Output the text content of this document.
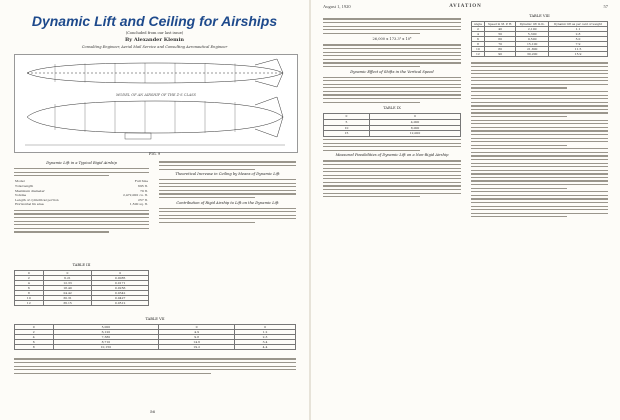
Dynamic Lift and Ceiling for Airships
(Concluded from our last issue)
By Alexander Klemin
Consulting Engineer, Aerial Mail Service and Consulting Aeronautical Engineer
MODEL OF AN AIRSHIP OF THE Z-S CLASS
FIG. 9
Dynamic Lift in a Typical Rigid Airship
Model	Full Size
Total length	695 ft.
Maximum diameter	79 ft.
Volume	2,472,000 cu. ft.
Length of cylindrical portion	257 ft.
Horizontal fin area	1,500 sq. ft.
Theoretical Increase in Ceiling by Means of Dynamic Lift
Contribution of Rigid Airship to Lift on the Dynamic Lift
TABLE III
0	0	0
2	6.21	0.0085
4	12.33	0.0171
6	18.40	0.0256
8	24.42	0.0342
10	30.31	0.0427
12	36.15	0.0512
TABLE VII
0	5,000	0	0
2	6,120	4.9	1.2
4	7,380	9.8	2.3
6	8,710	14.6	3.4
8	10,150	19.2	4.4
56
August 1, 1920	AVIATION	57
TABLE VIII
Angle	Speed in M. P. H.	Dynamic lift in lb.	Dynamic lift as per cent of weight
2	40	2,100	1.1
4	50	5,300	2.8
6	60	9,500	5.0
8	70	15,100	7.9
10	80	21,800	11.5
12	90	30,200	15.9
26,000 x 173.3² x 10⁴
Dynamic Effect of Shifts in the Vertical Speed
TABLE IX
0	0
5	4,000
10	8,000
15	12,000
Measured Possibilities of Dynamic Lift on a Non-Rigid Airship
